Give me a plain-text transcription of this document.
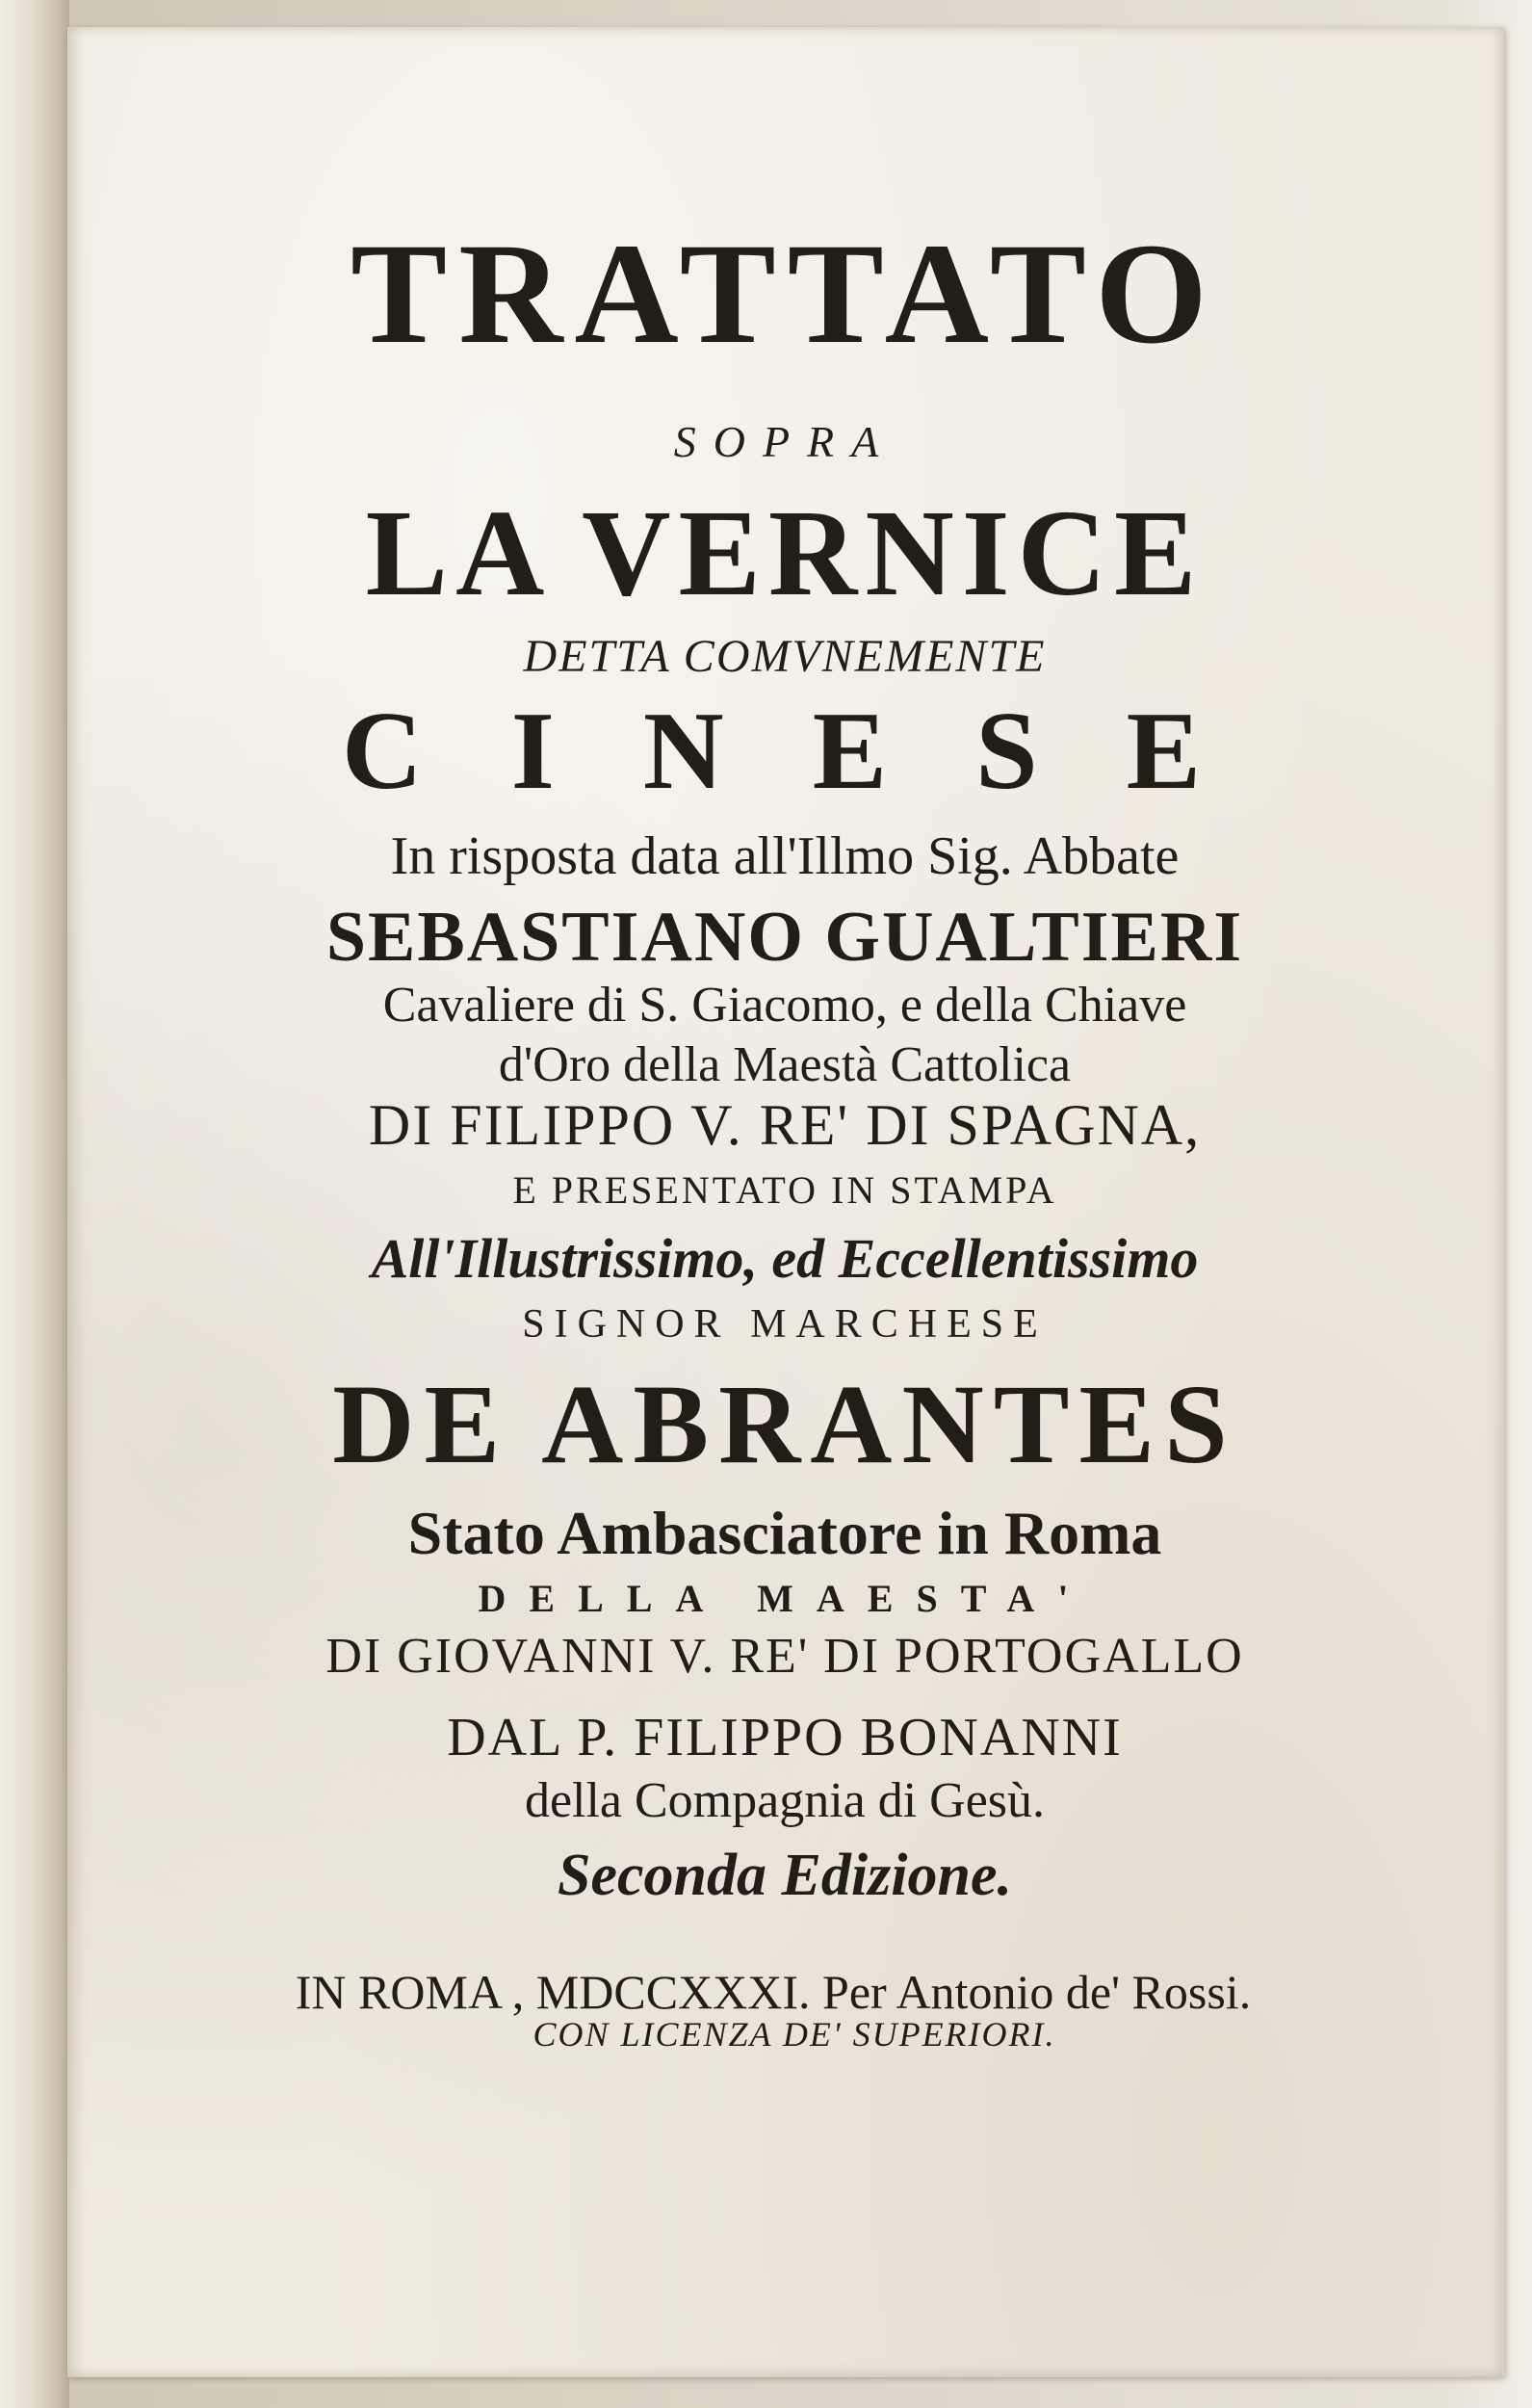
TRATTATO
SOPRA
LA VERNICE
DETTA COMVNEMENTE
CINESE
In risposta data all'Illmo Sig. Abbate
SEBASTIANO GUALTIERI
Cavaliere di S. Giacomo, e della Chiave
d'Oro della Maestà Cattolica
DI FILIPPO V. RE' DI SPAGNA,
E PRESENTATO IN STAMPA
All'Illustrissimo, ed Eccellentissimo
SIGNOR MARCHESE
DE ABRANTES
Stato Ambasciatore in Roma
DELLA MAESTA'
DI GIOVANNI V. RE' DI PORTOGALLO
DAL P. FILIPPO BONANNI
della Compagnia di Gesù.
Seconda Edizione.
IN ROMA , MDCCXXXI. Per Antonio de' Rossi.
CON LICENZA DE' SUPERIORI.
